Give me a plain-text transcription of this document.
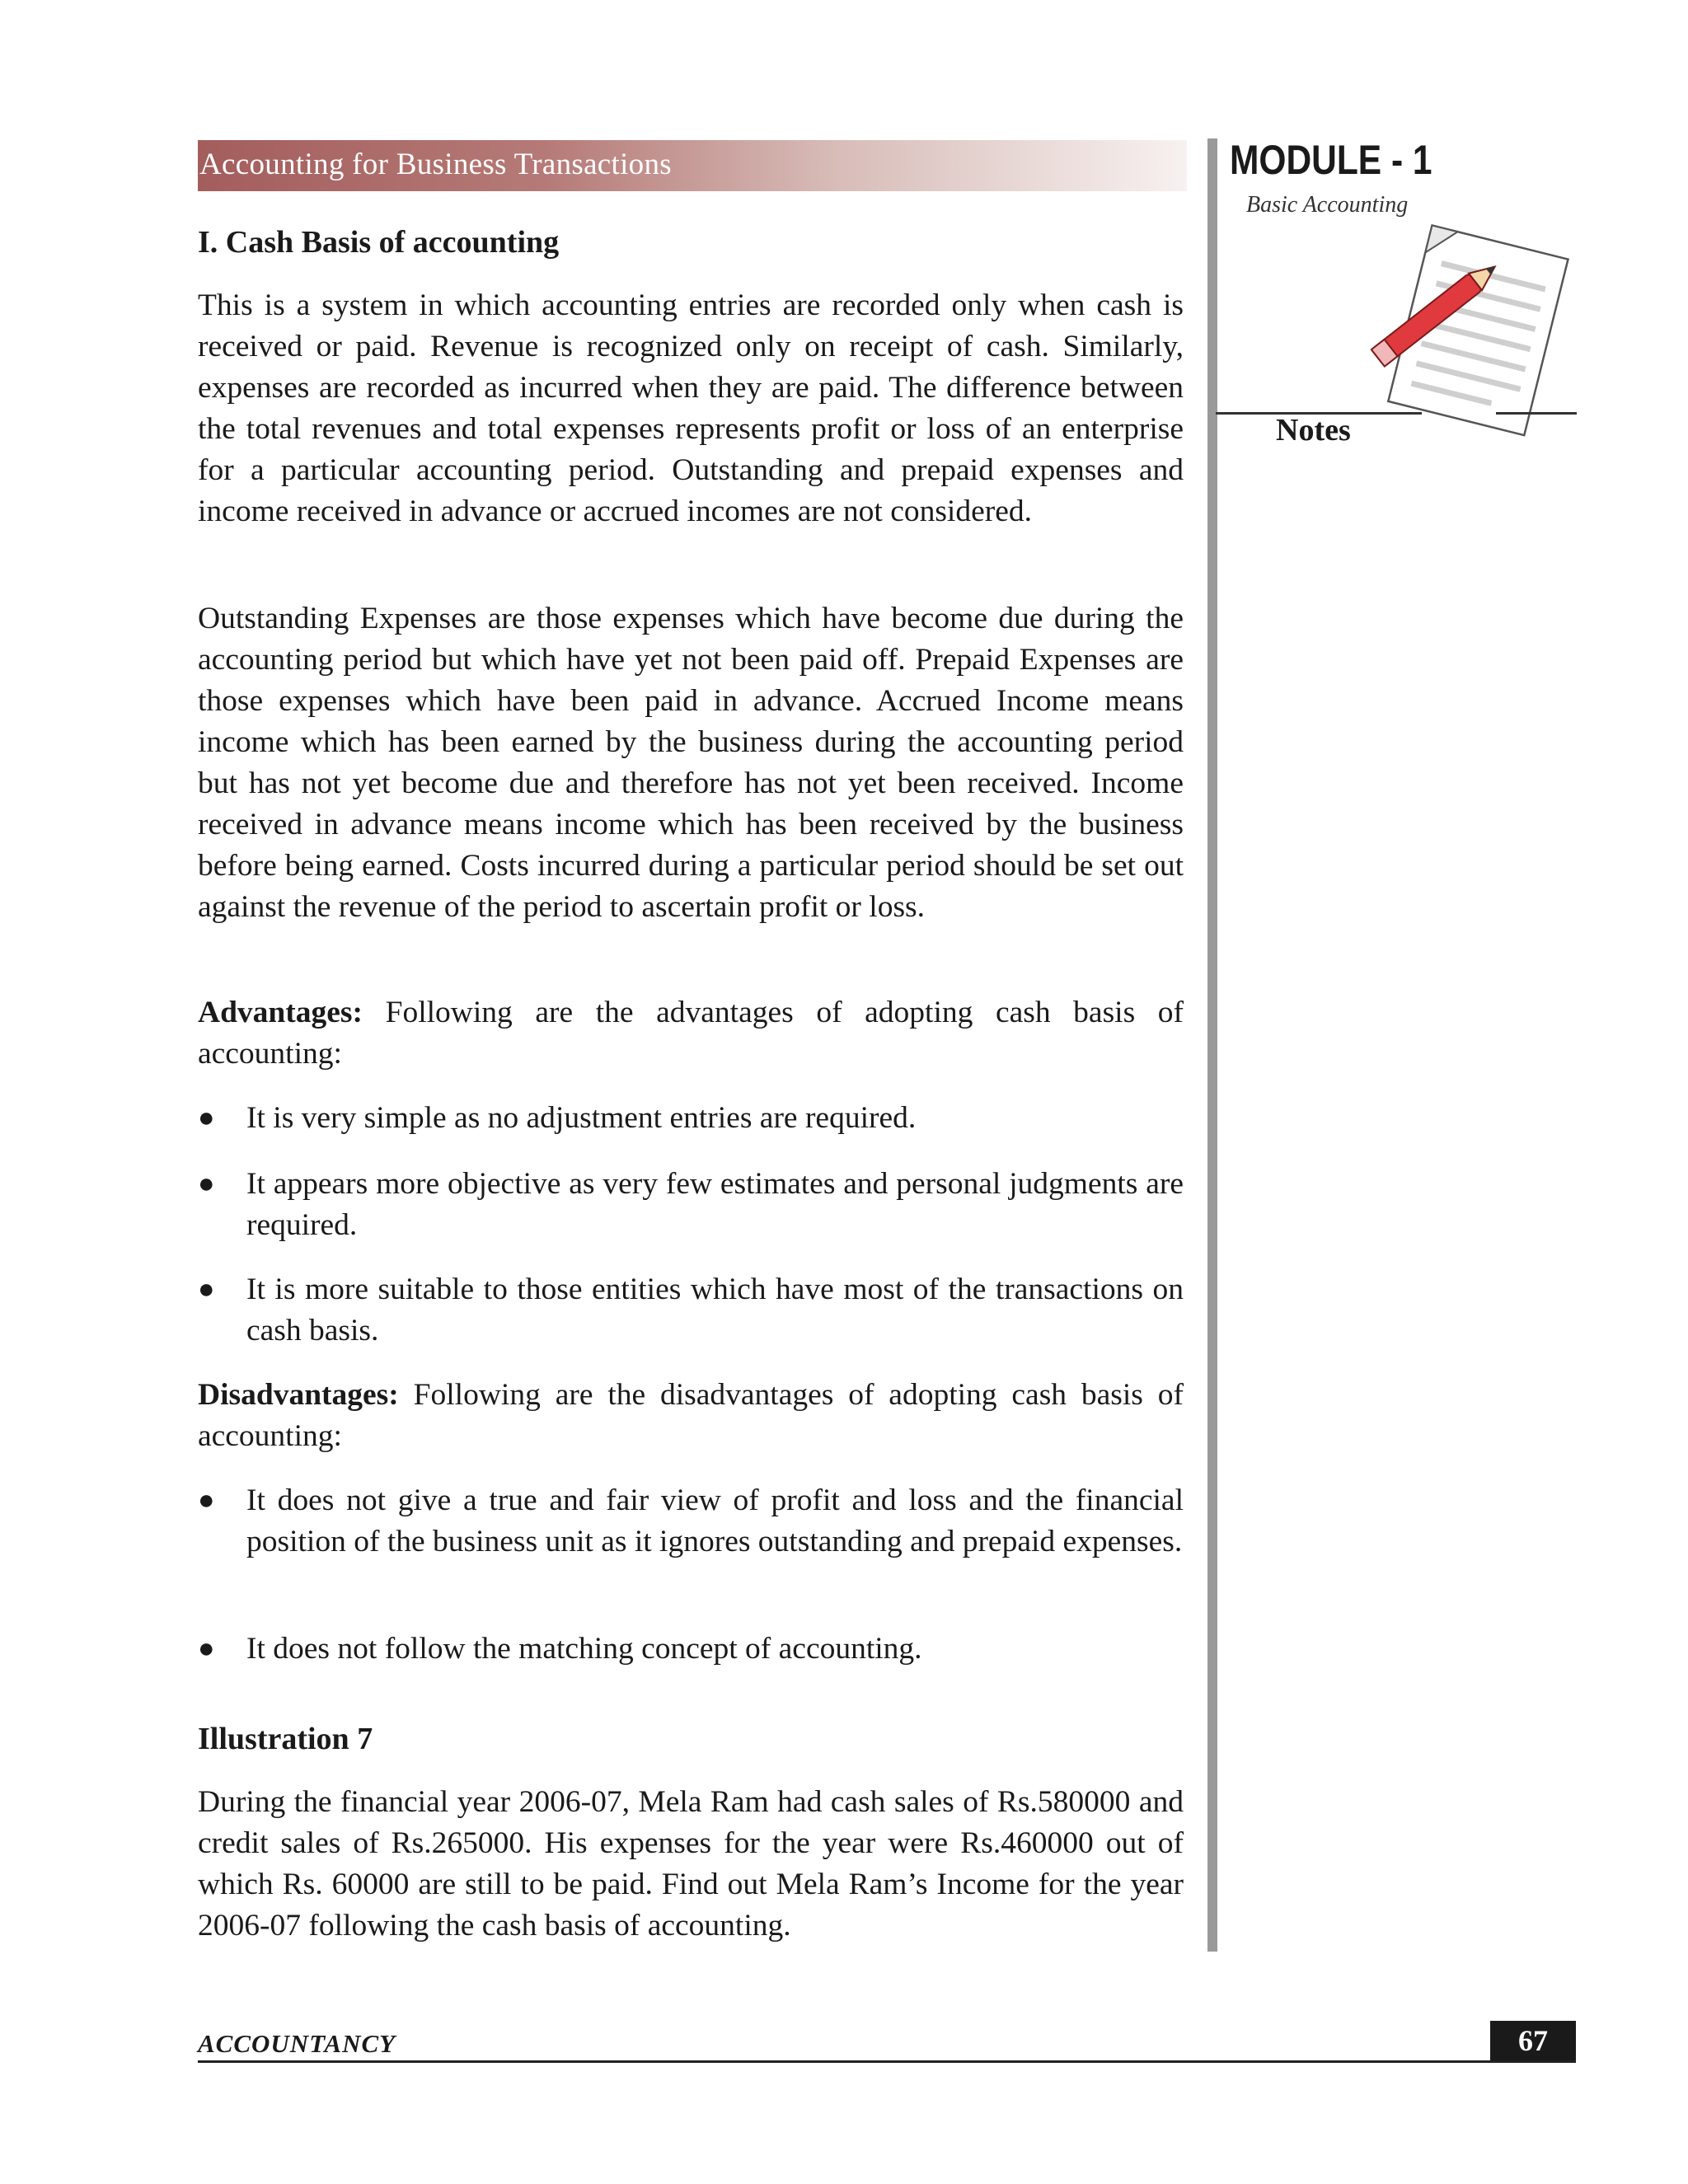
Accounting for Business Transactions	MODULE - 1
Basic Accounting
Notes
I. Cash Basis of accounting

This is a system in which accounting entries are recorded only when cash is received or paid. Revenue is recognized only on receipt of cash. Similarly, expenses are recorded as incurred when they are paid. The difference between the total revenues and total expenses represents profit or loss of an enterprise for a particular accounting period. Outstanding and prepaid expenses and income received in advance or accrued incomes are not considered.

Outstanding Expenses are those expenses which have become due during the accounting period but which have yet not been paid off. Prepaid Expenses are those expenses which have been paid in advance. Accrued Income means income which has been earned by the business during the accounting period but has not yet become due and therefore has not yet been received. Income received in advance means income which has been received by the business before being earned. Costs incurred during a particular period should be set out against the revenue of the period to ascertain profit or loss.

Advantages: Following are the advantages of adopting cash basis of accounting:

● It is very simple as no adjustment entries are required.
● It appears more objective as very few estimates and personal judgments are required.
● It is more suitable to those entities which have most of the transactions on cash basis.

Disadvantages: Following are the disadvantages of adopting cash basis of accounting:

● It does not give a true and fair view of profit and loss and the financial position of the business unit as it ignores outstanding and prepaid expenses.
● It does not follow the matching concept of accounting.
Illustration 7

During the financial year 2006-07, Mela Ram had cash sales of Rs.580000 and credit sales of Rs.265000. His expenses for the year were Rs.460000 out of which Rs. 60000 are still to be paid. Find out Mela Ram’s Income for the year 2006-07 following the cash basis of accounting.

ACCOUNTANCY	67
